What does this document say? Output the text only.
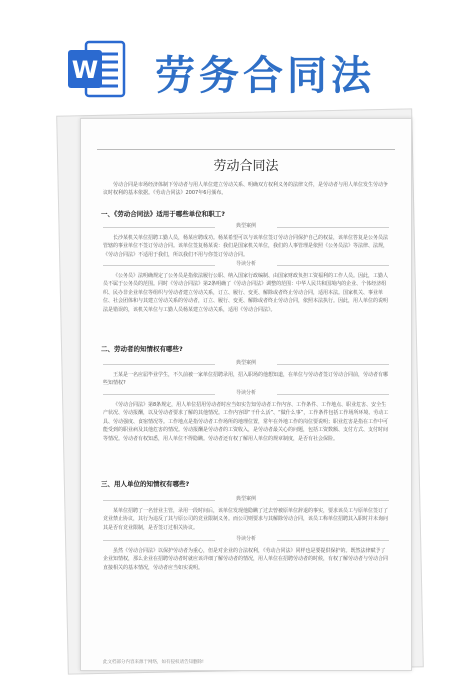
W 劳务合同法
劳动合同法
劳动合同是市场经济体制下劳动者与用人单位建立劳动关系、明确双方权利义务的法律文件，是劳动者与用人单位发生劳动争议时权利的基本依据。《劳动合同法》2007年6月颁布。
一、《劳动合同法》适用于哪些单位和职工?
典型案例
长沙某机关单位招聘工勤人员，杨某应聘成功。杨某希望可以与该单位签订劳动合同保护自己的权益，该单位答复是公务员法管辖的事业单位不签订劳动合同。该单位签复杨某说：我们是国家机关单位，我们的人事管理是依照《公务员法》等法律、法规，《劳动合同法》不适用于我们，所以我们不用与你签订劳动合同。
导读分析
《公务员》法明确规定了公务员是指依法履行公职、纳入国家行政编制、由国家财政负担工资福利的工作人员。因此，工勤人员不属于公务员的范围。同时《劳动合同法》第2条明确了《劳动合同法》调整的范围：中华人民共和国境内的企业、个体经济组织、民办非企业单位等组织与劳动者建立劳动关系，订立、履行、变更、解除或者终止劳动合同，适用本法。国家机关、事业单位、社会团体和与其建立劳动关系的劳动者，订立、履行、变更、解除或者终止劳动合同，依照本法执行。因此，用人单位的说明法是错误的，该机关单位与工勤人员杨某建立劳动关系，适用《劳动合同法》。
二、劳动者的知情权有哪些?
典型案例
王某是一名应届毕业学生，不久前被一家单位招聘录用，招入职场的他想知道，在单位与劳动者签订劳动合同前，劳动者有哪些知情权?
导读分析
《劳动合同法》第8条规定，用人单位招用劳动者时应当如实告知劳动者工作内容、工作条件、工作地点、职业危害、安全生产状况、劳动报酬，以及劳动者要求了解的其他情况。工作内容即“干什么活”、“做什么事”，工作条件包括工作场所环境、劳动工具、劳动强度、食宿情况等。工作地点是指劳动者工作场所的地理位置，常年在外地工作的岗位要说明；职业危害是指在工作中可能受到的职业病及其他危害的情况。劳动报酬是劳动者的工资收入，是劳动者最关心的问题，包括工资数额、支付方式、支付时间等情况。劳动者有权知悉，用人单位不得隐瞒。劳动者还有权了解用人单位的规章制度，是否有社会保险。
三、用人单位的知情权有哪些?
典型案例
某单位招聘了一名营业主管，录用一段时间后，该单位发现他隐瞒了过去曾被原单位辞退的事实，要求该员工与原单位签订了竞业禁止协议，其行为违反了其与原公司的竞业限制义务。而公司则要求与其解除劳动合同，该员工称单位招聘其入职时并未询问其是否有竞业限制，是否签订过相关协议。
导读分析
虽然《劳动合同法》以保护劳动者为重心，但是对企业的合法权利，《劳动合同法》同样也是要提供保护的。既然法律赋予了企业知情权，那么企业在招聘劳动者时就应该详细了解劳动者的情况，用人单位在招聘劳动者的时候，有权了解劳动者与劳动合同直接相关的基本情况，劳动者应当如实说明。
此文档部分内容来源于网络，如有侵权请告知删除!
